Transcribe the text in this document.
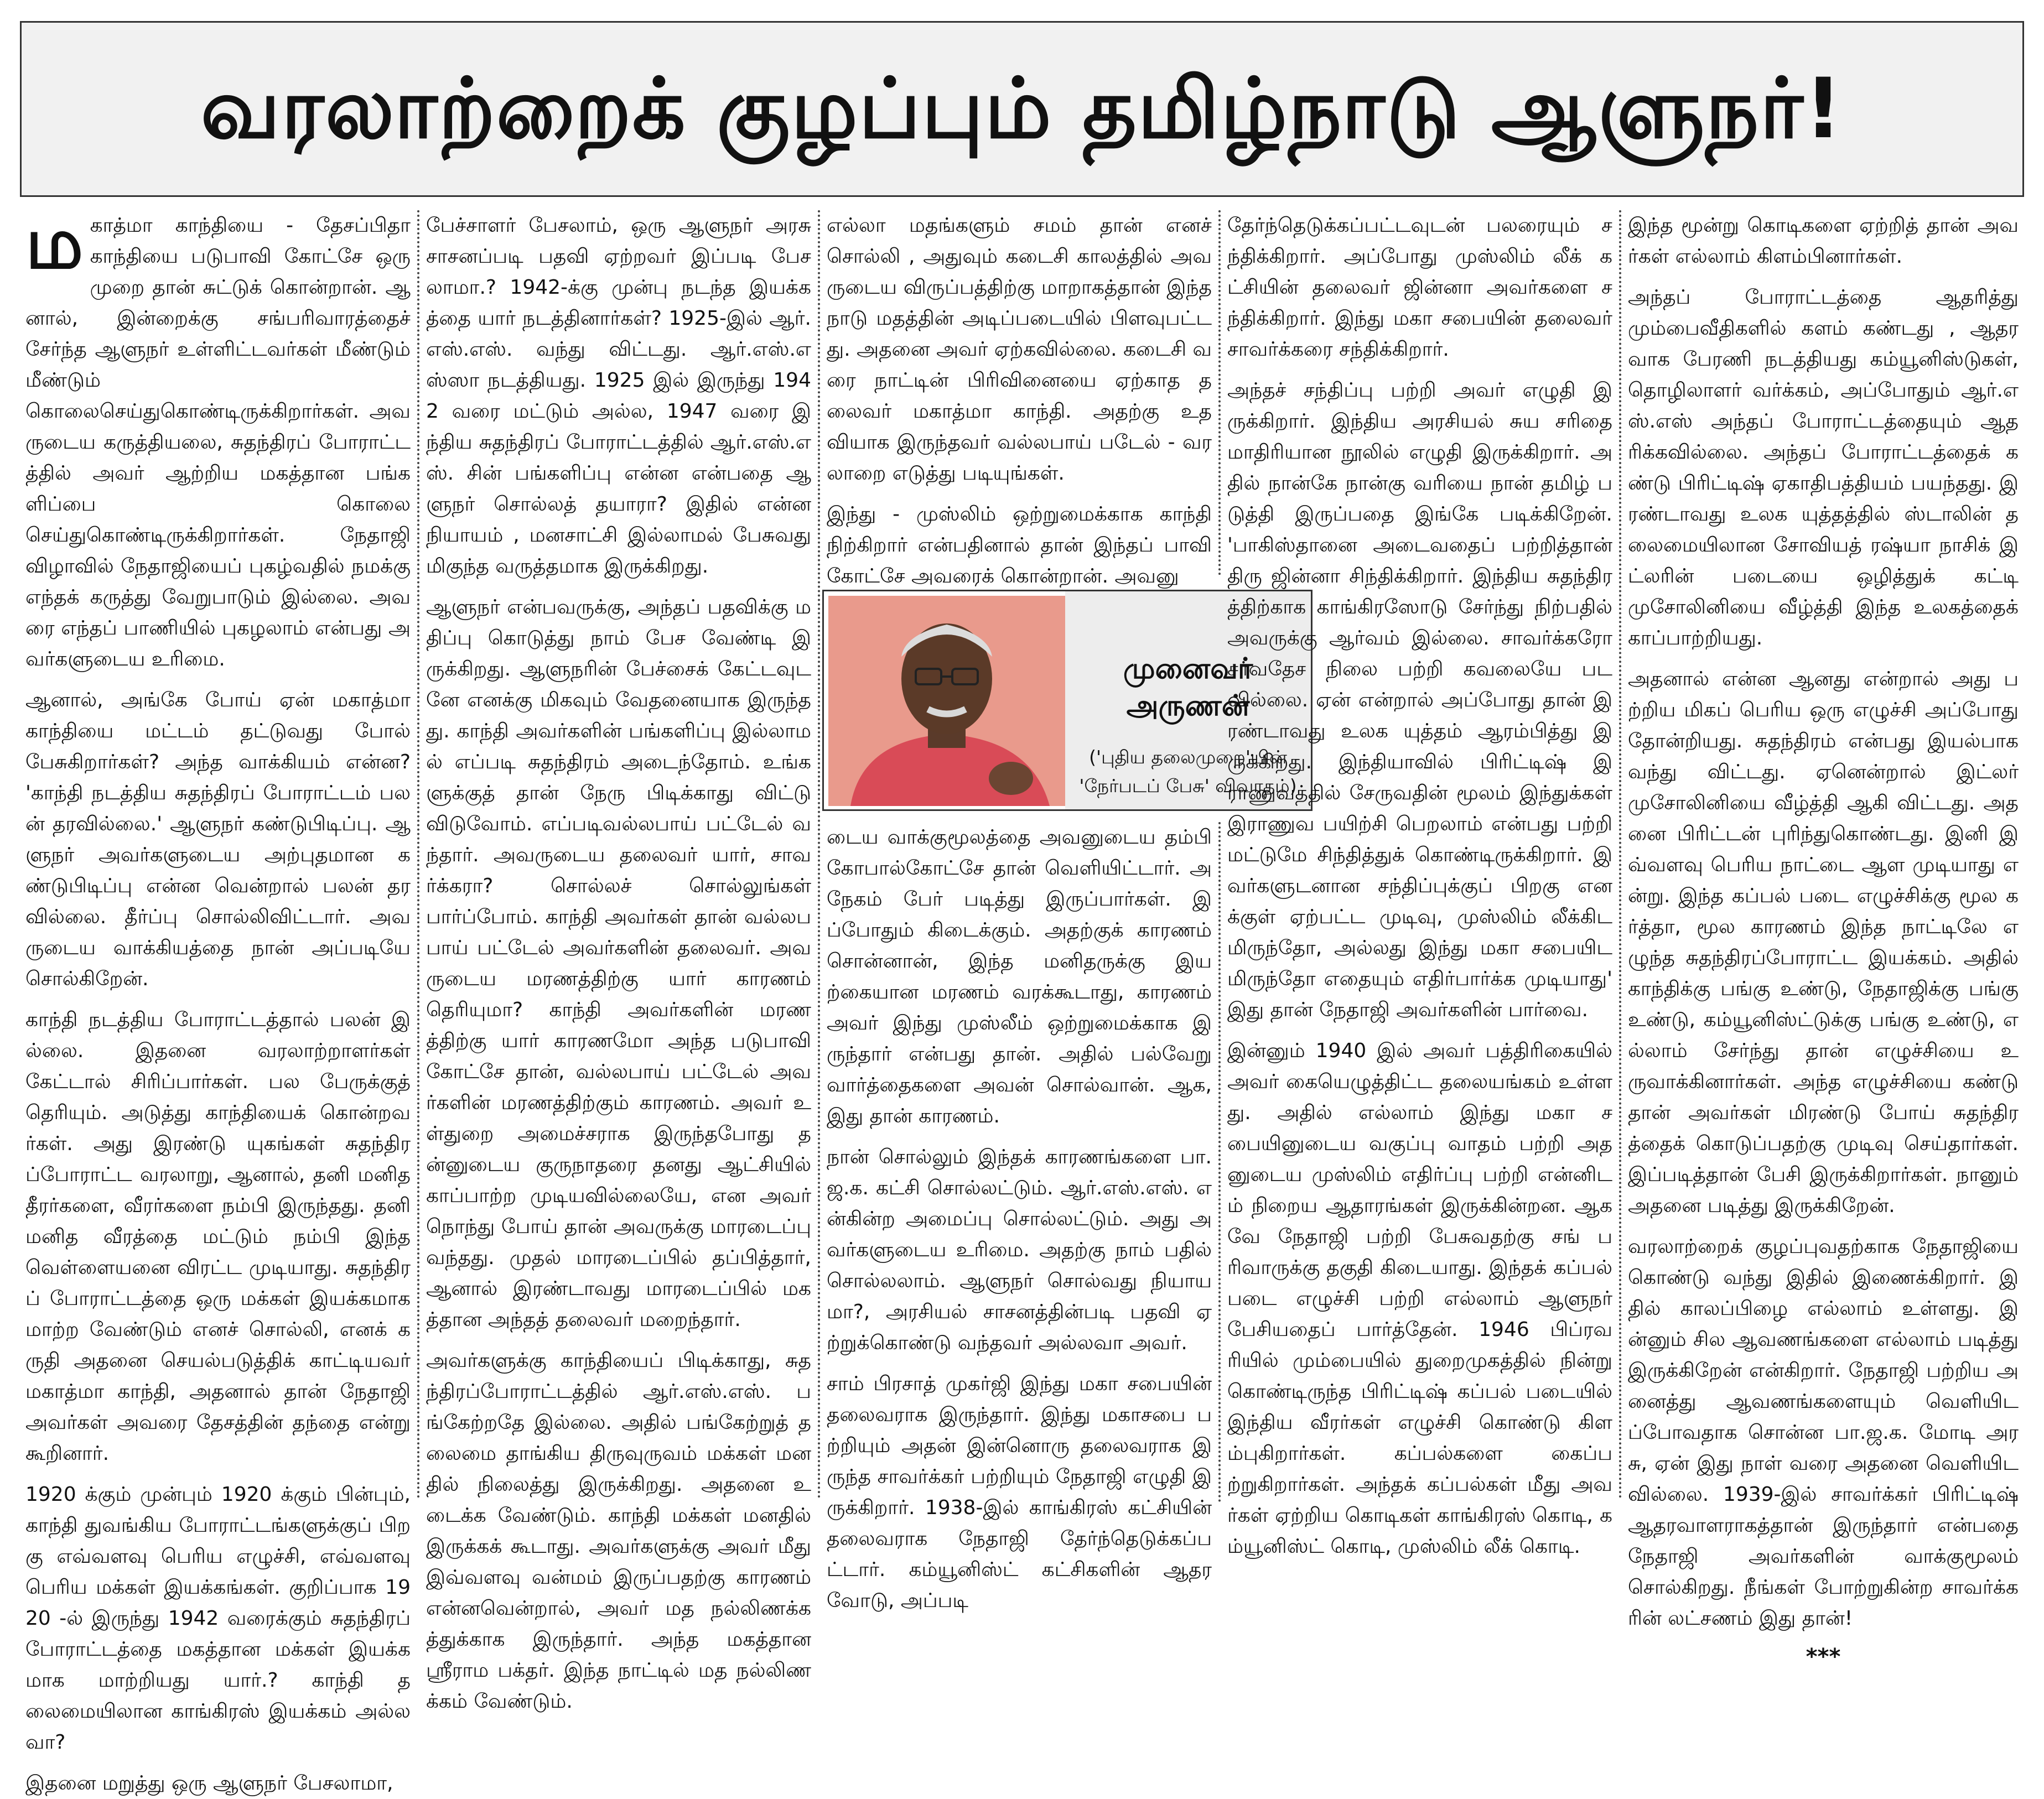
வரலாற்றைக் குழப்பும் தமிழ்நாடு ஆளுநர்!

மகாத்மா காந்தியை - தேசப்பிதா காந்தியை படுபாவி கோட்சே ஒரு முறை தான் சுட்டுக் கொன்றான். ஆனால், இன்றைக்கு சங்பரிவாரத்தைச் சேர்ந்த ஆளுநர் உள்ளிட்டவர்கள் மீண்டும் மீண்டும் கொலைசெய்துகொண்டிருக்கிறார்கள். அவருடைய கருத்தியலை, சுதந்திரப் போராட்டத்தில் அவர் ஆற்றிய மகத்தான பங்களிப்பை கொலை செய்துகொண்டிருக்கிறார்கள். நேதாஜி விழாவில் நேதாஜியைப் புகழ்வதில் நமக்கு எந்தக் கருத்து வேறுபாடும் இல்லை. அவரை எந்தப் பாணியில் புகழலாம் என்பது அவர்களுடைய உரிமை.

ஆனால், அங்கே போய் ஏன் மகாத்மா காந்தியை மட்டம் தட்டுவது போல் பேசுகிறார்கள்? அந்த வாக்கியம் என்ன? 'காந்தி நடத்திய சுதந்திரப் போராட்டம் பலன் தரவில்லை.' ஆளுநர் கண்டுபிடிப்பு. ஆளுநர் அவர்களுடைய அற்புதமான கண்டுபிடிப்பு என்ன வென்றால் பலன் தரவில்லை. தீர்ப்பு சொல்லிவிட்டார். அவருடைய வாக்கியத்தை நான் அப்படியே சொல்கிறேன்.

காந்தி நடத்திய போராட்டத்தால் பலன் இல்லை. இதனை வரலாற்றாளர்கள் கேட்டால் சிரிப்பார்கள். பல பேருக்குத் தெரியும். அடுத்து காந்தியைக் கொன்றவர்கள். அது இரண்டு யுகங்கள் சுதந்திரப்போராட்ட வரலாறு, ஆனால், தனி மனித தீரர்களை, வீரர்களை நம்பி இருந்தது. தனி மனித வீரத்தை மட்டும் நம்பி இந்த வெள்ளையனை விரட்ட முடியாது. சுதந்திரப் போராட்டத்தை ஒரு மக்கள் இயக்கமாக மாற்ற வேண்டும் எனச் சொல்லி, எனக் கருதி அதனை செயல்படுத்திக் காட்டியவர் மகாத்மா காந்தி, அதனால் தான் நேதாஜி அவர்கள் அவரை தேசத்தின் தந்தை என்று கூறினார்.

1920 க்கும் முன்பும் 1920 க்கும் பின்பும், காந்தி துவங்கிய போராட்டங்களுக்குப் பிறகு எவ்வளவு பெரிய எழுச்சி, எவ்வளவு பெரிய மக்கள் இயக்கங்கள். குறிப்பாக 1920 -ல் இருந்து 1942 வரைக்கும் சுதந்திரப் போராட்டத்தை மகத்தான மக்கள் இயக்கமாக மாற்றியது யார்.? காந்தி தலைமையிலான காங்கிரஸ் இயக்கம் அல்லவா?

இதனை மறுத்து ஒரு ஆளுநர் பேசலாமா,

பேச்சாளர் பேசலாம், ஒரு ஆளுநர் அரசு சாசனப்படி பதவி ஏற்றவர் இப்படி பேசலாமா.? 1942-க்கு முன்பு நடந்த இயக்கத்தை யார் நடத்தினார்கள்? 1925-இல் ஆர்.எஸ்.எஸ். வந்து விட்டது. ஆர்.எஸ்.எஸ்ஸா நடத்தியது. 1925 இல் இருந்து 1942 வரை மட்டும் அல்ல, 1947 வரை இந்திய சுதந்திரப் போராட்டத்தில் ஆர்.எஸ்.எஸ். சின் பங்களிப்பு என்ன என்பதை ஆளுநர் சொல்லத் தயாரா? இதில் என்ன நியாயம் , மனசாட்சி இல்லாமல் பேசுவது மிகுந்த வருத்தமாக இருக்கிறது.

ஆளுநர் என்பவருக்கு, அந்தப் பதவிக்கு மதிப்பு கொடுத்து நாம் பேச வேண்டி இருக்கிறது. ஆளுநரின் பேச்சைக் கேட்டவுடனே எனக்கு மிகவும் வேதனையாக இருந்தது. காந்தி அவர்களின் பங்களிப்பு இல்லாமல் எப்படி சுதந்திரம் அடைந்தோம். உங்களுக்குத் தான் நேரு பிடிக்காது விட்டு விடுவோம். எப்படிவல்லபாய் பட்டேல் வந்தார். அவருடைய தலைவர் யார், சாவர்க்கரா? சொல்லச் சொல்லுங்கள் பார்ப்போம். காந்தி அவர்கள் தான் வல்லபபாய் பட்டேல் அவர்களின் தலைவர். அவருடைய மரணத்திற்கு யார் காரணம் தெரியுமா? காந்தி அவர்களின் மரணத்திற்கு யார் காரணமோ அந்த படுபாவி கோட்சே தான், வல்லபாய் பட்டேல் அவர்களின் மரணத்திற்கும் காரணம். அவர் உள்துறை அமைச்சராக இருந்தபோது தன்னுடைய குருநாதரை தனது ஆட்சியில் காப்பாற்ற முடியவில்லையே, என அவர் நொந்து போய் தான் அவருக்கு மாரடைப்பு வந்தது. முதல் மாரடைப்பில் தப்பித்தார், ஆனால் இரண்டாவது மாரடைப்பில் மகத்தான அந்தத் தலைவர் மறைந்தார்.

அவர்களுக்கு காந்தியைப் பிடிக்காது, சுதந்திரப்போராட்டத்தில் ஆர்.எஸ்.எஸ். பங்கேற்றதே இல்லை. அதில் பங்கேற்றுத் தலைமை தாங்கிய திருவுருவம் மக்கள் மனதில் நிலைத்து இருக்கிறது. அதனை உடைக்க வேண்டும். காந்தி மக்கள் மனதில் இருக்கக் கூடாது. அவர்களுக்கு அவர் மீது இவ்வளவு வன்மம் இருப்பதற்கு காரணம் என்னவென்றால், அவர் மத நல்லிணக்கத்துக்காக இருந்தார். அந்த மகத்தான ஸ்ரீராம பக்தர். இந்த நாட்டில் மத நல்லிணக்கம் வேண்டும்.

எல்லா மதங்களும் சமம் தான் எனச் சொல்லி , அதுவும் கடைசி காலத்தில் அவருடைய விருப்பத்திற்கு மாறாகத்தான் இந்த நாடு மதத்தின் அடிப்படையில் பிளவுபட்டது. அதனை அவர் ஏற்கவில்லை. கடைசி வரை நாட்டின் பிரிவினையை ஏற்காத தலைவர் மகாத்மா காந்தி. அதற்கு உதவியாக இருந்தவர் வல்லபாய் படேல் - வரலாறை எடுத்து படியுங்கள்.

இந்து - முஸ்லிம் ஒற்றுமைக்காக காந்தி நிற்கிறார் என்பதினால் தான் இந்தப் பாவி கோட்சே அவரைக் கொன்றான். அவனு

முனைவர் அருணன்
('புதிய தலைமுறை'யின்
'நேர்படப் பேசு' விவாதம்)

டைய வாக்குமூலத்தை அவனுடைய தம்பி கோபால்கோட்சே தான் வெளியிட்டார். அநேகம் பேர் படித்து இருப்பார்கள். இப்போதும் கிடைக்கும். அதற்குக் காரணம் சொன்னான், இந்த மனிதருக்கு இயற்கையான மரணம் வரக்கூடாது, காரணம் அவர் இந்து முஸ்லீம் ஒற்றுமைக்காக இருந்தார் என்பது தான். அதில் பல்வேறு வார்த்தைகளை அவன் சொல்வான். ஆக, இது தான் காரணம்.

நான் சொல்லும் இந்தக் காரணங்களை பா.ஜ.க. கட்சி சொல்லட்டும். ஆர்.எஸ்.எஸ். என்கின்ற அமைப்பு சொல்லட்டும். அது அவர்களுடைய உரிமை. அதற்கு நாம் பதில் சொல்லலாம். ஆளுநர் சொல்வது நியாயமா?, அரசியல் சாசனத்தின்படி பதவி ஏற்றுக்கொண்டு வந்தவர் அல்லவா அவர்.

சாம் பிரசாத் முகர்ஜி இந்து மகா சபையின் தலைவராக இருந்தார். இந்து மகாசபை பற்றியும் அதன் இன்னொரு தலைவராக இருந்த சாவர்க்கர் பற்றியும் நேதாஜி எழுதி இருக்கிறார். 1938-இல் காங்கிரஸ் கட்சியின் தலைவராக நேதாஜி தேர்ந்தெடுக்கப்பட்டார். கம்யூனிஸ்ட் கட்சிகளின் ஆதரவோடு, அப்படி

தேர்ந்தெடுக்கப்பட்டவுடன் பலரையும் சந்திக்கிறார். அப்போது முஸ்லிம் லீக் கட்சியின் தலைவர் ஜின்னா அவர்களை சந்திக்கிறார். இந்து மகா சபையின் தலைவர் சாவர்க்கரை சந்திக்கிறார்.

அந்தச் சந்திப்பு பற்றி அவர் எழுதி இருக்கிறார். இந்திய அரசியல் சுய சரிதை மாதிரியான நூலில் எழுதி இருக்கிறார். அதில் நான்கே நான்கு வரியை நான் தமிழ் படுத்தி இருப்பதை இங்கே படிக்கிறேன். 'பாகிஸ்தானை அடைவதைப் பற்றித்தான் திரு ஜின்னா சிந்திக்கிறார். இந்திய சுதந்திரத்திற்காக காங்கிரஸோடு சேர்ந்து நிற்பதில் அவருக்கு ஆர்வம் இல்லை. சாவர்க்கரோ சர்வதேச நிலை பற்றி கவலையே படவில்லை. ஏன் என்றால் அப்போது தான் இரண்டாவது உலக யுத்தம் ஆரம்பித்து இருக்கிறது. இந்தியாவில் பிரிட்டிஷ் இராணுவத்தில் சேருவதின் மூலம் இந்துக்கள் இராணுவ பயிற்சி பெறலாம் என்பது பற்றி மட்டுமே சிந்தித்துக் கொண்டிருக்கிறார். இவர்களுடனான சந்திப்புக்குப் பிறகு எனக்குள் ஏற்பட்ட முடிவு, முஸ்லிம் லீக்கிடமிருந்தோ, அல்லது இந்து மகா சபையிடமிருந்தோ எதையும் எதிர்பார்க்க முடியாது' இது தான் நேதாஜி அவர்களின் பார்வை.

இன்னும் 1940 இல் அவர் பத்திரிகையில் அவர் கையெழுத்திட்ட தலையங்கம் உள்ளது. அதில் எல்லாம் இந்து மகா சபையினுடைய வகுப்பு வாதம் பற்றி அதனுடைய முஸ்லிம் எதிர்ப்பு பற்றி என்னிடம் நிறைய ஆதாரங்கள் இருக்கின்றன. ஆகவே நேதாஜி பற்றி பேசுவதற்கு சங் பரிவாருக்கு தகுதி கிடையாது. இந்தக் கப்பல் படை எழுச்சி பற்றி எல்லாம் ஆளுநர் பேசியதைப் பார்த்தேன். 1946 பிப்ரவரியில் மும்பையில் துறைமுகத்தில் நின்று கொண்டிருந்த பிரிட்டிஷ் கப்பல் படையில் இந்திய வீரர்கள் எழுச்சி கொண்டு கிளம்புகிறார்கள். கப்பல்களை கைப்பற்றுகிறார்கள். அந்தக் கப்பல்கள் மீது அவர்கள் ஏற்றிய கொடிகள் காங்கிரஸ் கொடி, கம்யூனிஸ்ட் கொடி, முஸ்லிம் லீக் கொடி.

இந்த மூன்று கொடிகளை ஏற்றித் தான் அவர்கள் எல்லாம் கிளம்பினார்கள்.

அந்தப் போராட்டத்தை ஆதரித்து மும்பைவீதிகளில் களம் கண்டது , ஆதரவாக பேரணி நடத்தியது கம்யூனிஸ்டுகள், தொழிலாளர் வர்க்கம், அப்போதும் ஆர்.எஸ்.எஸ் அந்தப் போராட்டத்தையும் ஆதரிக்கவில்லை. அந்தப் போராட்டத்தைக் கண்டு பிரிட்டிஷ் ஏகாதிபத்தியம் பயந்தது. இரண்டாவது உலக யுத்தத்தில் ஸ்டாலின் தலைமையிலான சோவியத் ரஷ்யா நாசிக் இட்லரின் படையை ஒழித்துக் கட்டி முசோலினியை வீழ்த்தி இந்த உலகத்தைக் காப்பாற்றியது.

அதனால் என்ன ஆனது என்றால் அது பற்றிய மிகப் பெரிய ஒரு எழுச்சி அப்போது தோன்றியது. சுதந்திரம் என்பது இயல்பாக வந்து விட்டது. ஏனென்றால் இட்லர் முசோலினியை வீழ்த்தி ஆகி விட்டது. அதனை பிரிட்டன் புரிந்துகொண்டது. இனி இவ்வளவு பெரிய நாட்டை ஆள முடியாது என்று. இந்த கப்பல் படை எழுச்சிக்கு மூல கர்த்தா, மூல காரணம் இந்த நாட்டிலே எழுந்த சுதந்திரப்போராட்ட இயக்கம். அதில் காந்திக்கு பங்கு உண்டு, நேதாஜிக்கு பங்கு உண்டு, கம்யூனிஸ்ட்டுக்கு பங்கு உண்டு, எல்லாம் சேர்ந்து தான் எழுச்சியை உருவாக்கினார்கள். அந்த எழுச்சியை கண்டு தான் அவர்கள் மிரண்டு போய் சுதந்திரத்தைக் கொடுப்பதற்கு முடிவு செய்தார்கள். இப்படித்தான் பேசி இருக்கிறார்கள். நானும் அதனை படித்து இருக்கிறேன்.

வரலாற்றைக் குழப்புவதற்காக நேதாஜியை கொண்டு வந்து இதில் இணைக்கிறார். இதில் காலப்பிழை எல்லாம் உள்ளது. இன்னும் சில ஆவணங்களை எல்லாம் படித்து இருக்கிறேன் என்கிறார். நேதாஜி பற்றிய அனைத்து ஆவணங்களையும் வெளியிடப்போவதாக சொன்ன பா.ஜ.க. மோடி அரசு, ஏன் இது நாள் வரை அதனை வெளியிடவில்லை. 1939-இல் சாவர்க்கர் பிரிட்டிஷ் ஆதரவாளராகத்தான் இருந்தார் என்பதை நேதாஜி அவர்களின் வாக்குமூலம் சொல்கிறது. நீங்கள் போற்றுகின்ற சாவர்க்கரின் லட்சணம் இது தான்!

***
